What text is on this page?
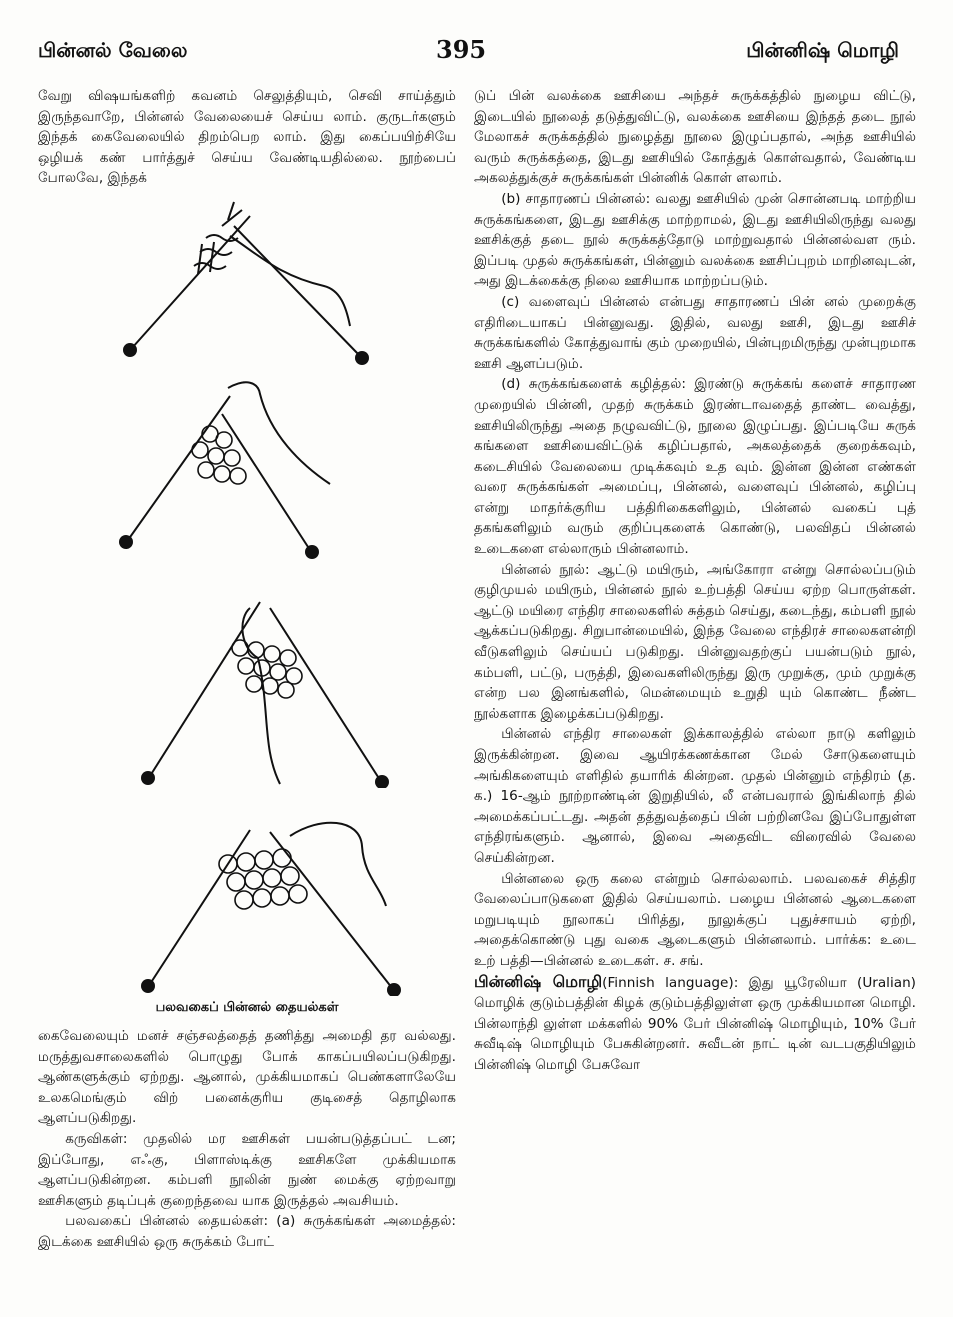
பின்னல் வேலை	395	பின்னிஷ் மொழி

வேறு விஷயங்களிற் கவனம் செலுத்தியும், செவி சாய்த்தும் இருந்தவாறே, பின்னல் வேலையைச் செய்ய லாம். குருடர்களும் இந்தக் கைவேலையில் திறம்பெற லாம். இது கைப்பயிற்சியே ஒழியக் கண் பார்த்துச் செய்ய வேண்டியதில்லை. நூற்பைப் போலவே, இந்தக்

பலவகைப் பின்னல் தையல்கள்

கைவேலையும் மனச் சஞ்சலத்தைத் தணித்து அமைதி தர வல்லது. மருத்துவசாலைகளில் பொழுது போக் காகப்பயிலப்படுகிறது. ஆண்களுக்கும் ஏற்றது. ஆனால், முக்கியமாகப் பெண்களாலேயே உலகமெங்கும் விற் பனைக்குரிய குடிசைத் தொழிலாக ஆளப்படுகிறது.

கருவிகள்: முதலில் மர ஊசிகள் பயன்படுத்தப்பட் டன; இப்போது, எஃகு, பிளாஸ்டிக்கு ஊசிகளே முக்கியமாக ஆளப்படுகின்றன. கம்பளி நூலின் நுண் மைக்கு ஏற்றவாறு ஊசிகளும் தடிப்புக் குறைந்தவை யாக இருத்தல் அவசியம்.

பலவகைப் பின்னல் தையல்கள்: (a) சுருக்கங்கள் அமைத்தல்: இடக்கை ஊசியில் ஒரு சுருக்கம் போட்

டுப் பின் வலக்கை ஊசியை அந்தச் சுருக்கத்தில் நுழைய விட்டு, இடையில் நூலைத் தடுத்துவிட்டு, வலக்கை ஊசியை இந்தத் தடை நூல் மேலாகச் சுருக்கத்தில் நுழைத்து நூலை இழுப்பதால், அந்த ஊசியில் வரும் சுருக்கத்தை, இடது ஊசியில் கோத்துக் கொள்வதால், வேண்டிய அகலத்துக்குச் சுருக்கங்கள் பின்னிக் கொள் ளலாம்.

(b) சாதாரணப் பின்னல்: வலது ஊசியில் முன் சொன்னபடி மாற்றிய சுருக்கங்களை, இடது ஊசிக்கு மாற்றாமல், இடது ஊசியிலிருந்து வலது ஊசிக்குத் தடை நூல் சுருக்கத்தோடு மாற்றுவதால் பின்னல்வள ரும். இப்படி முதல் சுருக்கங்கள், பின்னும் வலக்கை ஊசிப்புறம் மாறினவுடன், அது இடக்கைக்கு நிலை ஊசியாக மாற்றப்படும்.

(c) வளைவுப் பின்னல் என்பது சாதாரணப் பின் னல் முறைக்கு எதிரிடையாகப் பின்னுவது. இதில், வலது ஊசி, இடது ஊசிச் சுருக்கங்களில் கோத்துவாங் கும் முறையில், பின்புறமிருந்து முன்புறமாக ஊசி ஆளப்படும்.

(d) சுருக்கங்களைக் கழித்தல்: இரண்டு சுருக்கங் களைச் சாதாரண முறையில் பின்னி, முதற் சுருக்கம் இரண்டாவதைத் தாண்ட வைத்து, ஊசியிலிருந்து அதை நழுவவிட்டு, நூலை இழுப்பது. இப்படியே சுருக் கங்களை ஊசியைவிட்டுக் கழிப்பதால், அகலத்தைக் குறைக்கவும், கடைசியில் வேலையை முடிக்கவும் உத வும். இன்ன இன்ன எண்கள் வரை சுருக்கங்கள் அமைப்பு, பின்னல், வளைவுப் பின்னல், கழிப்பு என்று மாதர்க்குரிய பத்திரிகைகளிலும், பின்னல் வகைப் புத் தகங்களிலும் வரும் குறிப்புகளைக் கொண்டு, பலவிதப் பின்னல் உடைகளை எல்லாரும் பின்னலாம்.

பின்னல் நூல்: ஆட்டு மயிரும், அங்கோரா என்று சொல்லப்படும் குழிமுயல் மயிரும், பின்னல் நூல் உற்பத்தி செய்ய ஏற்ற பொருள்கள். ஆட்டு மயிரை எந்திர சாலைகளில் சுத்தம் செய்து, கடைந்து, கம்பளி நூல் ஆக்கப்படுகிறது. சிறுபான்மையில், இந்த வேலை எந்திரச் சாலைகளன்றி வீடுகளிலும் செய்யப் படுகிறது. பின்னுவதற்குப் பயன்படும் நூல், கம்பளி, பட்டு, பருத்தி, இவைகளிலிருந்து இரு முறுக்கு, மும் முறுக்கு என்ற பல இனங்களில், மென்மையும் உறுதி யும் கொண்ட நீண்ட நூல்களாக இழைக்கப்படுகிறது.

பின்னல் எந்திர சாலைகள் இக்காலத்தில் எல்லா நாடு களிலும் இருக்கின்றன. இவை ஆயிரக்கணக்கான மேல் சோடுகளையும் அங்கிகளையும் எளிதில் தயாரிக் கின்றன. முதல் பின்னும் எந்திரம் (த. க.) 16-ஆம் நூற்றாண்டின் இறுதியில், லீ என்பவரால் இங்கிலாந் தில் அமைக்கப்பட்டது. அதன் தத்துவத்தைப் பின் பற்றினவே இப்போதுள்ள எந்திரங்களும். ஆனால், இவை அதைவிட விரைவில் வேலை செய்கின்றன.

பின்னலை ஒரு கலை என்றும் சொல்லலாம். பலவகைச் சித்திர வேலைப்பாடுகளை இதில் செய்யலாம். பழைய பின்னல் ஆடைகளை மறுபடியும் நூலாகப் பிரித்து, நூலுக்குப் புதுச்சாயம் ஏற்றி, அதைக்கொண்டு புது வகை ஆடைகளும் பின்னலாம். பார்க்க: உடை உற் பத்தி—பின்னல் உடைகள். ச. சங்.

பின்னிஷ் மொழி(Finnish language): இது யூரேலியா (Uralian) மொழிக் குடும்பத்தின் கிழக் குடும்பத்திலுள்ள ஒரு முக்கியமான மொழி. பின்லாந்தி லுள்ள மக்களில் 90% பேர் பின்னிஷ் மொழியும், 10% பேர் சுவீடிஷ் மொழியும் பேசுகின்றனர். சுவீடன் நாட் டின் வடபகுதியிலும் பின்னிஷ் மொழி பேசுவோ
